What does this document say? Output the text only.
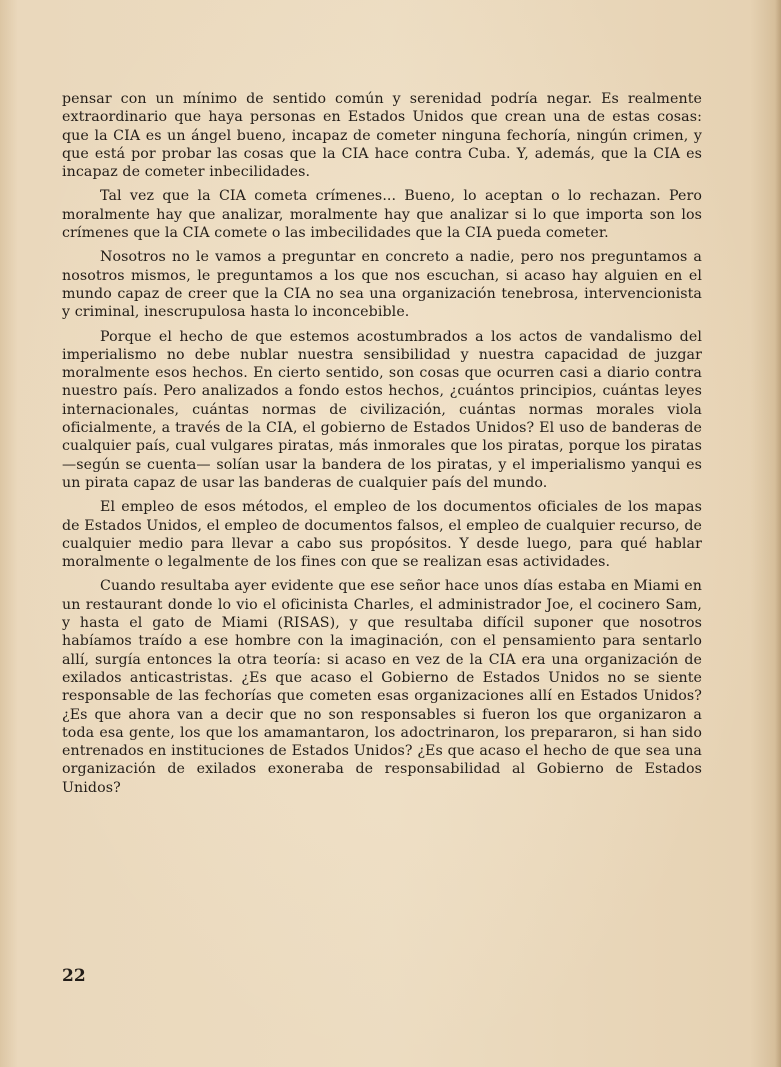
pensar con un mínimo de sentido común y serenidad podría negar. Es realmente extraordinario que haya personas en Estados Unidos que crean una de estas cosas: que la CIA es un ángel bueno, incapaz de cometer ninguna fechoría, ningún crimen, y que está por probar las cosas que la CIA hace contra Cuba. Y, además, que la CIA es incapaz de cometer inbecilidades.

Tal vez que la CIA cometa crímenes... Bueno, lo aceptan o lo rechazan. Pero moralmente hay que analizar, moralmente hay que analizar si lo que importa son los crímenes que la CIA comete o las imbecilidades que la CIA pueda cometer.

Nosotros no le vamos a preguntar en concreto a nadie, pero nos preguntamos a nosotros mismos, le preguntamos a los que nos escuchan, si acaso hay alguien en el mundo capaz de creer que la CIA no sea una organización tenebrosa, intervencionista y criminal, inescrupulosa hasta lo inconcebible.

Porque el hecho de que estemos acostumbrados a los actos de vandalismo del imperialismo no debe nublar nuestra sensibilidad y nuestra capacidad de juzgar moralmente esos hechos. En cierto sentido, son cosas que ocurren casi a diario contra nuestro país. Pero analizados a fondo estos hechos, ¿cuántos principios, cuántas leyes internacionales, cuántas normas de civilización, cuántas normas morales viola oficialmente, a través de la CIA, el gobierno de Estados Unidos? El uso de banderas de cualquier país, cual vulgares piratas, más inmorales que los piratas, porque los piratas —según se cuenta— solían usar la bandera de los piratas, y el imperialismo yanqui es un pirata capaz de usar las banderas de cualquier país del mundo.

El empleo de esos métodos, el empleo de los documentos oficiales de los mapas de Estados Unidos, el empleo de documentos falsos, el empleo de cualquier recurso, de cualquier medio para llevar a cabo sus propósitos. Y desde luego, para qué hablar moralmente o legalmente de los fines con que se realizan esas actividades.

Cuando resultaba ayer evidente que ese señor hace unos días estaba en Miami en un restaurant donde lo vio el oficinista Charles, el administrador Joe, el cocinero Sam, y hasta el gato de Miami (RISAS), y que resultaba difícil suponer que nosotros habíamos traído a ese hombre con la imaginación, con el pensamiento para sentarlo allí, surgía entonces la otra teoría: si acaso en vez de la CIA era una organización de exilados anticastristas. ¿Es que acaso el Gobierno de Estados Unidos no se siente responsable de las fechorías que cometen esas organizaciones allí en Estados Unidos? ¿Es que ahora van a decir que no son responsables si fueron los que organizaron a toda esa gente, los que los amamantaron, los adoctrinaron, los prepararon, si han sido entrenados en instituciones de Estados Unidos? ¿Es que acaso el hecho de que sea una organización de exilados exoneraba de responsabilidad al Gobierno de Estados Unidos?

22
